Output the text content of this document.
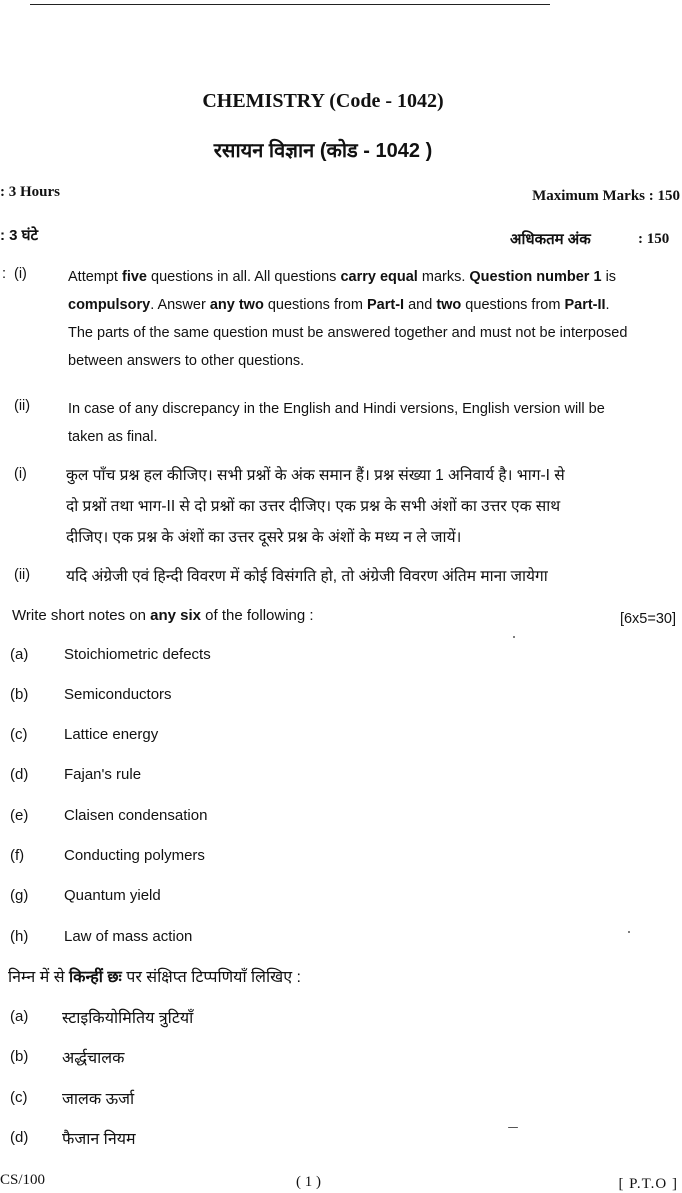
CHEMISTRY (Code - 1042)
रसायन विज्ञान (कोड - 1042 )
: 3 Hours	Maximum Marks : 150
: 3 घंटे	अधिकतम अंक	: 150
: (i)	Attempt five questions in all. All questions carry equal marks. Question number 1 is
compulsory. Answer any two questions from Part-I and two questions from Part-II.
The parts of the same question must be answered together and must not be interposed
between answers to other questions.
(ii)	In case of any discrepancy in the English and Hindi versions, English version will be
taken as final.
(i)	कुल पाँच प्रश्न हल कीजिए। सभी प्रश्नों के अंक समान हैं। प्रश्न संख्या 1 अनिवार्य है। भाग-I से
दो प्रश्नों तथा भाग-II से दो प्रश्नों का उत्तर दीजिए। एक प्रश्न के सभी अंशों का उत्तर एक साथ
दीजिए। एक प्रश्न के अंशों का उत्तर दूसरे प्रश्न के अंशों के मध्य न ले जायें।
(ii) यदि अंग्रेजी एवं हिन्दी विवरण में कोई विसंगति हो, तो अंग्रेजी विवरण अंतिम माना जायेगा
Write short notes on any six of the following :	[6x5=30]
(a) Stoichiometric defects
(b) Semiconductors
(c) Lattice energy
(d) Fajan's rule
(e) Claisen condensation
(f)	Conducting polymers
(g) Quantum yield
(h) Law of mass action
निम्न में से किन्हीं छः पर संक्षिप्त टिप्पणियाँ लिखिए :
(a) स्टाइकियोमितिय त्रुटियाँ
(b) अर्द्धचालक
(c) जालक ऊर्जा
(d) फैजान नियम
CS/100	( 1 )	[ P.T.O ]
